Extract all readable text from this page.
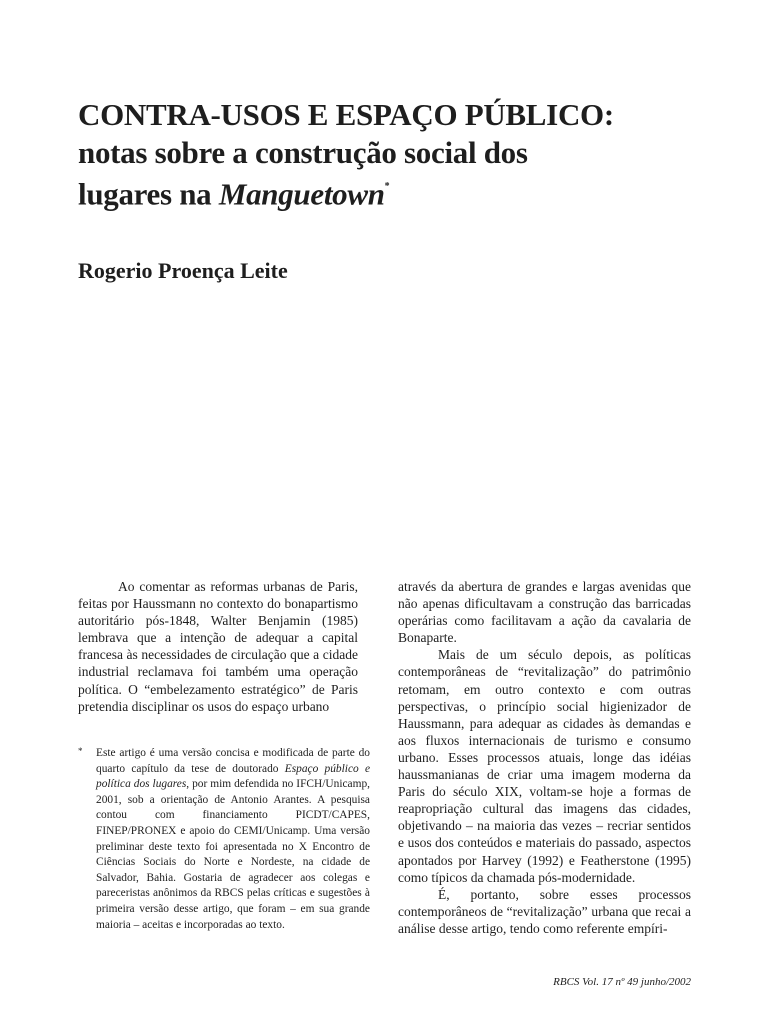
CONTRA-USOS E ESPAÇO PÚBLICO:
notas sobre a construção social dos
lugares na Manguetown*
Rogerio Proença Leite

Ao comentar as reformas urbanas de Paris, feitas por Haussmann no contexto do bonapartismo autoritário pós-1848, Walter Benjamin (1985) lembrava que a intenção de adequar a capital francesa às necessidades de circulação que a cidade industrial reclamava foi também uma operação política. O “embelezamento estratégico” de Paris pretendia disciplinar os usos do espaço urbano

* Este artigo é uma versão concisa e modificada de parte do quarto capítulo da tese de doutorado Espaço público e política dos lugares, por mim defendida no IFCH/Unicamp, 2001, sob a orientação de Antonio Arantes. A pesquisa contou com financiamento PICDT/CAPES, FINEP/PRONEX e apoio do CEMI/Unicamp. Uma versão preliminar deste texto foi apresentada no X Encontro de Ciências Sociais do Norte e Nordeste, na cidade de Salvador, Bahia. Gostaria de agradecer aos colegas e pareceristas anônimos da RBCS pelas críticas e sugestões à primeira versão desse artigo, que foram – em sua grande maioria – aceitas e incorporadas ao texto.

através da abertura de grandes e largas avenidas que não apenas dificultavam a construção das barricadas operárias como facilitavam a ação da cavalaria de Bonaparte.

Mais de um século depois, as políticas contemporâneas de “revitalização” do patrimônio retomam, em outro contexto e com outras perspectivas, o princípio social higienizador de Haussmann, para adequar as cidades às demandas e aos fluxos internacionais de turismo e consumo urbano. Esses processos atuais, longe das idéias haussmanianas de criar uma imagem moderna da Paris do século XIX, voltam-se hoje a formas de reapropriação cultural das imagens das cidades, objetivando – na maioria das vezes – recriar sentidos e usos dos conteúdos e materiais do passado, aspectos apontados por Harvey (1992) e Featherstone (1995) como típicos da chamada pós-modernidade.

É, portanto, sobre esses processos contemporâneos de “revitalização” urbana que recai a análise desse artigo, tendo como referente empíri-

RBCS Vol. 17 nº 49 junho/2002
